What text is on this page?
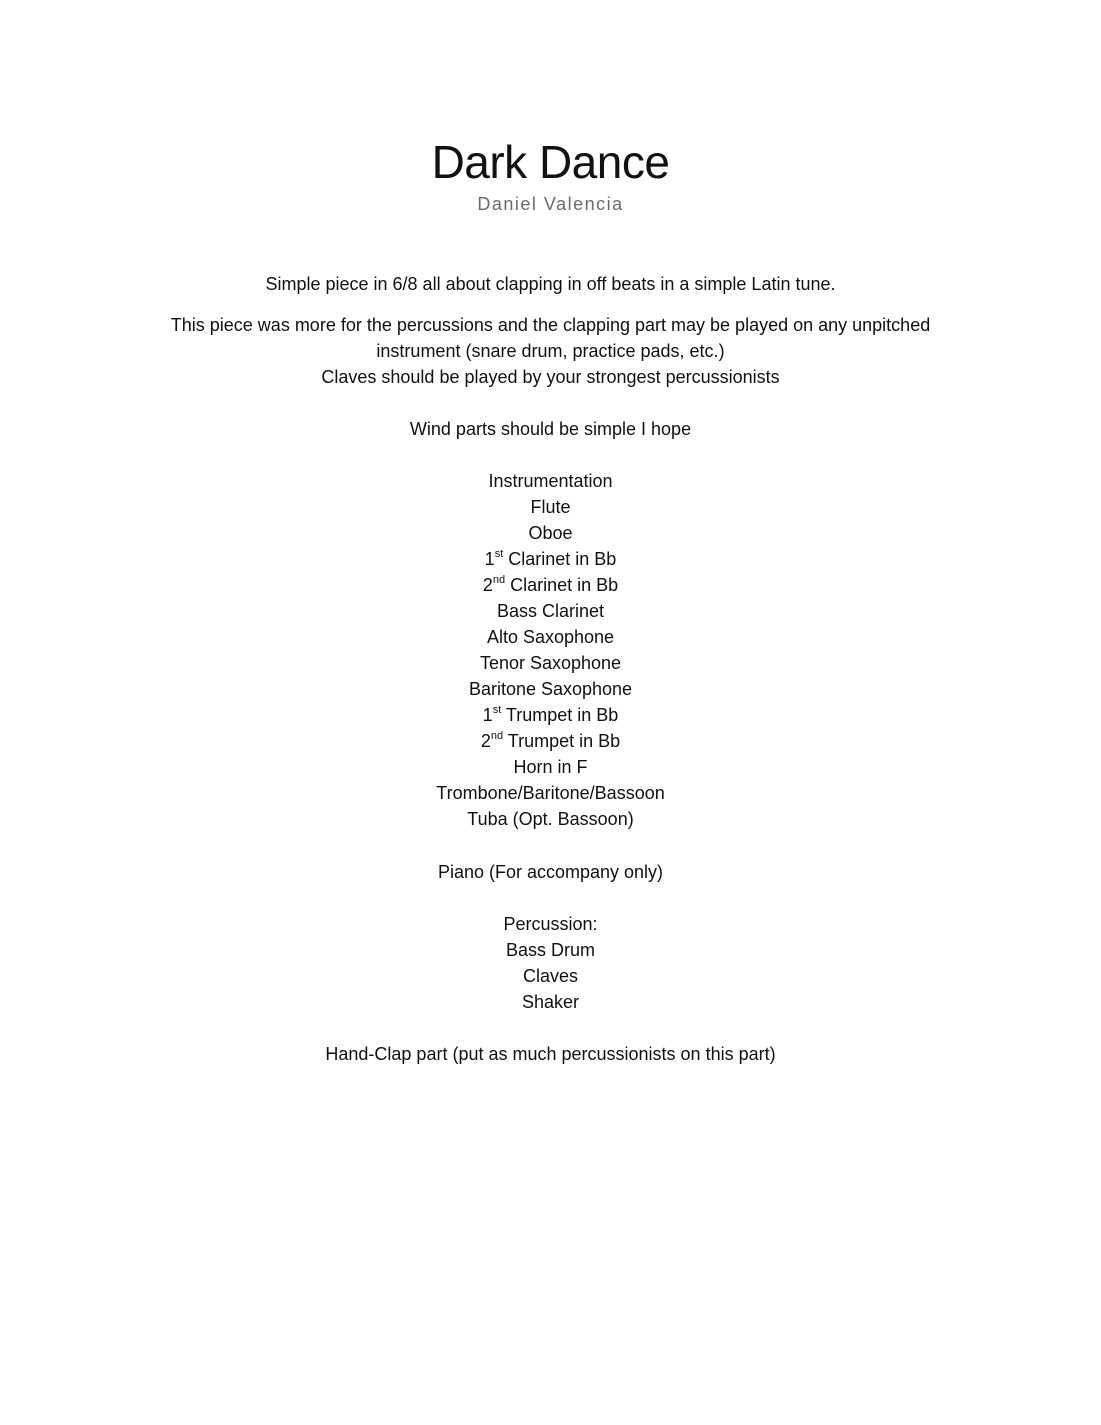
Dark Dance
Daniel Valencia
Simple piece in 6/8 all about clapping in off beats in a simple Latin tune.
This piece was more for the percussions and the clapping part may be played on any unpitched
instrument (snare drum, practice pads, etc.)
Claves should be played by your strongest percussionists
Wind parts should be simple I hope
Instrumentation
Flute
Oboe
1st Clarinet in Bb
2nd Clarinet in Bb
Bass Clarinet
Alto Saxophone
Tenor Saxophone
Baritone Saxophone
1st Trumpet in Bb
2nd Trumpet in Bb
Horn in F
Trombone/Baritone/Bassoon
Tuba (Opt. Bassoon)
Piano (For accompany only)
Percussion:
Bass Drum
Claves
Shaker
Hand-Clap part (put as much percussionists on this part)
